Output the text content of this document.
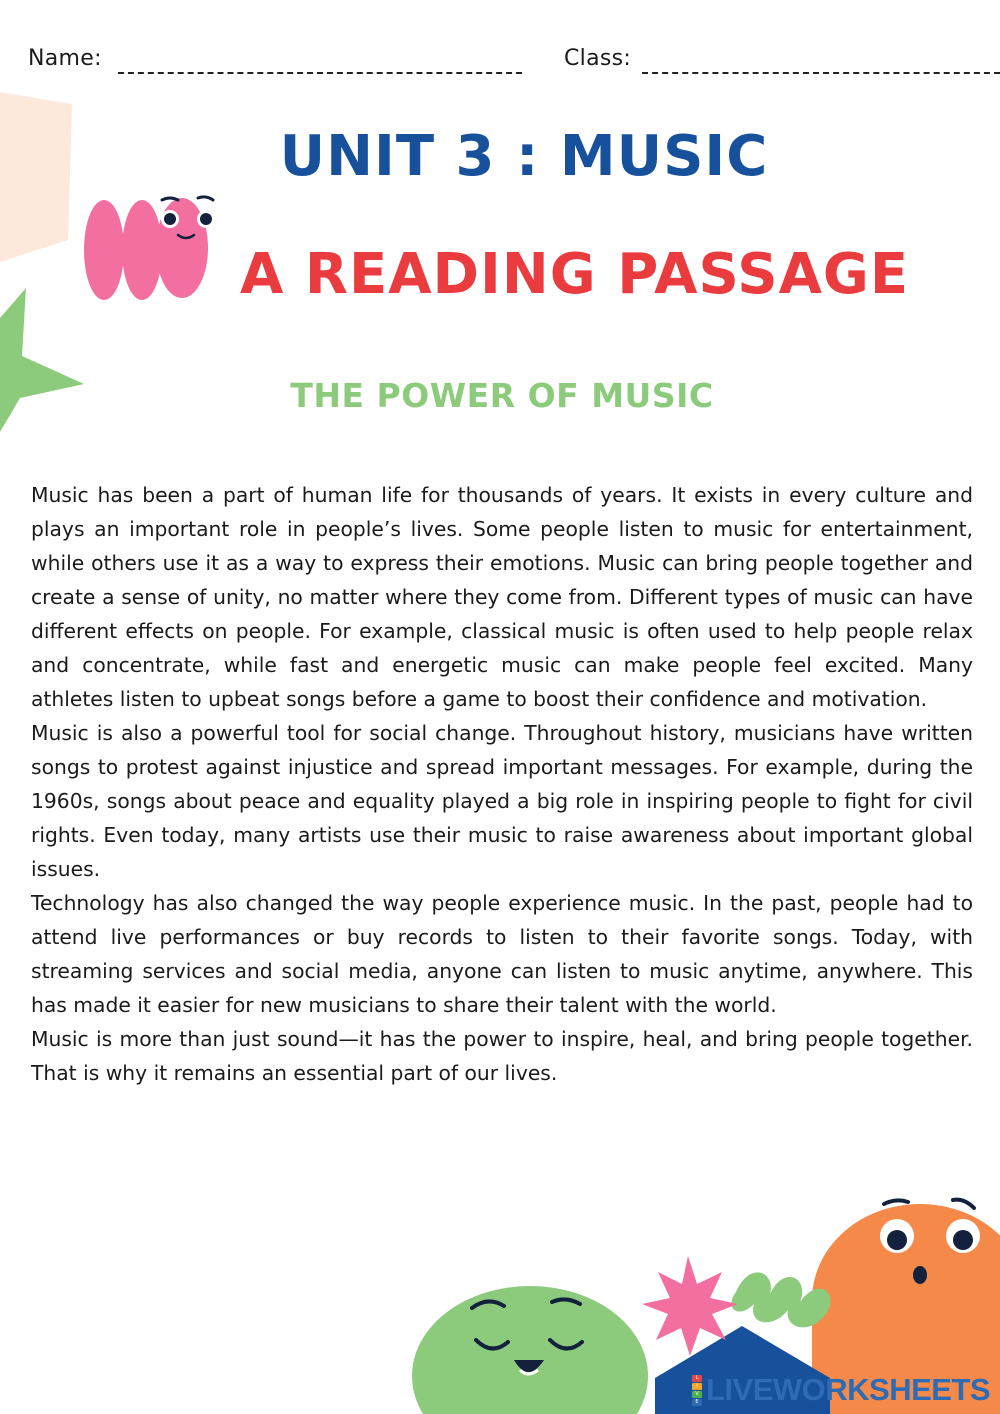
Name:	Class:
UNIT 3 : MUSIC
A READING PASSAGE
THE POWER OF MUSIC

Music has been a part of human life for thousands of years. It exists in every culture and plays an important role in people’s lives. Some people listen to music for entertainment, while others use it as a way to express their emotions. Music can bring people together and create a sense of unity, no matter where they come from. Different types of music can have different effects on people. For example, classical music is often used to help people relax and concentrate, while fast and energetic music can make people feel excited. Many athletes listen to upbeat songs before a game to boost their confidence and motivation.

Music is also a powerful tool for social change. Throughout history, musicians have written songs to protest against injustice and spread important messages. For example, during the 1960s, songs about peace and equality played a big role in inspiring people to fight for civil rights. Even today, many artists use their music to raise awareness about important global issues.

Technology has also changed the way people experience music. In the past, people had to attend live performances or buy records to listen to their favorite songs. Today, with streaming services and social media, anyone can listen to music anytime, anywhere. This has made it easier for new musicians to share their talent with the world.

Music is more than just sound—it has the power to inspire, heal, and bring people together. That is why it remains an essential part of our lives.

L
I
V
E LIVEWORKSHEETS
